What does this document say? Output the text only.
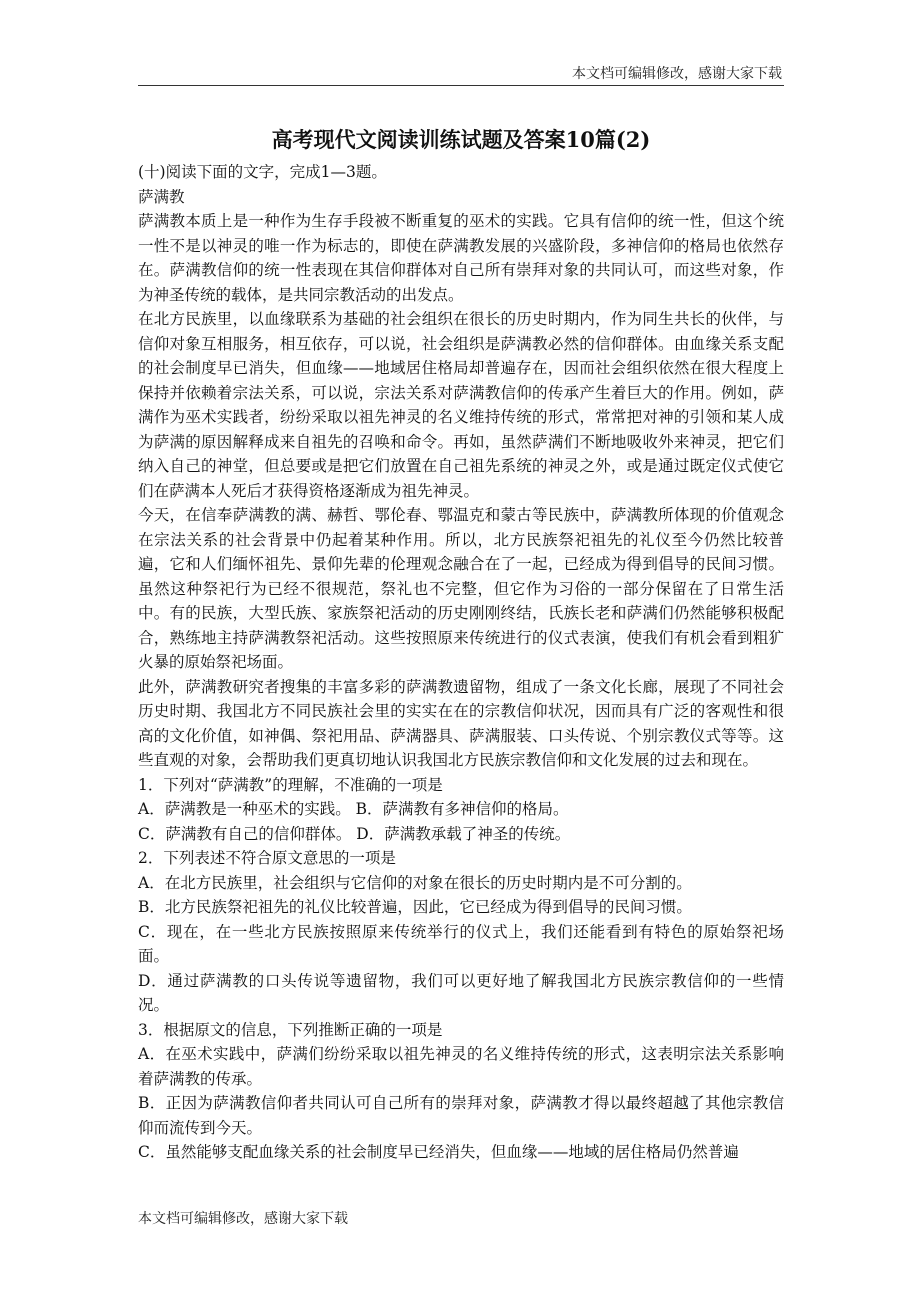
本文档可编辑修改，感谢大家下载
高考现代文阅读训练试题及答案10篇(2)

(十)阅读下面的文字，完成1—3题。

萨满教

萨满教本质上是一种作为生存手段被不断重复的巫术的实践。它具有信仰的统一性，但这个统一性不是以神灵的唯一作为标志的，即使在萨满教发展的兴盛阶段，多神信仰的格局也依然存在。萨满教信仰的统一性表现在其信仰群体对自己所有崇拜对象的共同认可，而这些对象，作为神圣传统的载体，是共同宗教活动的出发点。

在北方民族里，以血缘联系为基础的社会组织在很长的历史时期内，作为同生共长的伙伴，与信仰对象互相服务，相互依存，可以说，社会组织是萨满教必然的信仰群体。由血缘关系支配的社会制度早已消失，但血缘——地域居住格局却普遍存在，因而社会组织依然在很大程度上保持并依赖着宗法关系，可以说，宗法关系对萨满教信仰的传承产生着巨大的作用。例如，萨满作为巫术实践者，纷纷采取以祖先神灵的名义维持传统的形式，常常把对神的引领和某人成为萨满的原因解释成来自祖先的召唤和命令。再如，虽然萨满们不断地吸收外来神灵，把它们纳入自己的神堂，但总要或是把它们放置在自己祖先系统的神灵之外，或是通过既定仪式使它们在萨满本人死后才获得资格逐渐成为祖先神灵。

今天，在信奉萨满教的满、赫哲、鄂伦春、鄂温克和蒙古等民族中，萨满教所体现的价值观念在宗法关系的社会背景中仍起着某种作用。所以，北方民族祭祀祖先的礼仪至今仍然比较普遍，它和人们缅怀祖先、景仰先辈的伦理观念融合在了一起，已经成为得到倡导的民间习惯。虽然这种祭祀行为已经不很规范，祭礼也不完整，但它作为习俗的一部分保留在了日常生活中。有的民族，大型氏族、家族祭祀活动的历史刚刚终结，氏族长老和萨满们仍然能够积极配合，熟练地主持萨满教祭祀活动。这些按照原来传统进行的仪式表演，使我们有机会看到粗犷火暴的原始祭祀场面。

此外，萨满教研究者搜集的丰富多彩的萨满教遗留物，组成了一条文化长廊，展现了不同社会历史时期、我国北方不同民族社会里的实实在在的宗教信仰状况，因而具有广泛的客观性和很高的文化价值，如神偶、祭祀用品、萨满器具、萨满服装、口头传说、个别宗教仪式等等。这些直观的对象，会帮助我们更真切地认识我国北方民族宗教信仰和文化发展的过去和现在。

1．下列对“萨满教”的理解，不准确的一项是

A．萨满教是一种巫术的实践。 B．萨满教有多神信仰的格局。

C．萨满教有自己的信仰群体。 D．萨满教承载了神圣的传统。

2．下列表述不符合原文意思的一项是

A．在北方民族里，社会组织与它信仰的对象在很长的历史时期内是不可分割的。

B．北方民族祭祀祖先的礼仪比较普遍，因此，它已经成为得到倡导的民间习惯。

C．现在，在一些北方民族按照原来传统举行的仪式上，我们还能看到有特色的原始祭祀场面。

D．通过萨满教的口头传说等遗留物，我们可以更好地了解我国北方民族宗教信仰的一些情况。

3．根据原文的信息，下列推断正确的一项是

A．在巫术实践中，萨满们纷纷采取以祖先神灵的名义维持传统的形式，这表明宗法关系影响着萨满教的传承。

B．正因为萨满教信仰者共同认可自己所有的崇拜对象，萨满教才得以最终超越了其他宗教信仰而流传到今天。

C．虽然能够支配血缘关系的社会制度早已经消失，但血缘——地域的居住格局仍然普遍

本文档可编辑修改，感谢大家下载
